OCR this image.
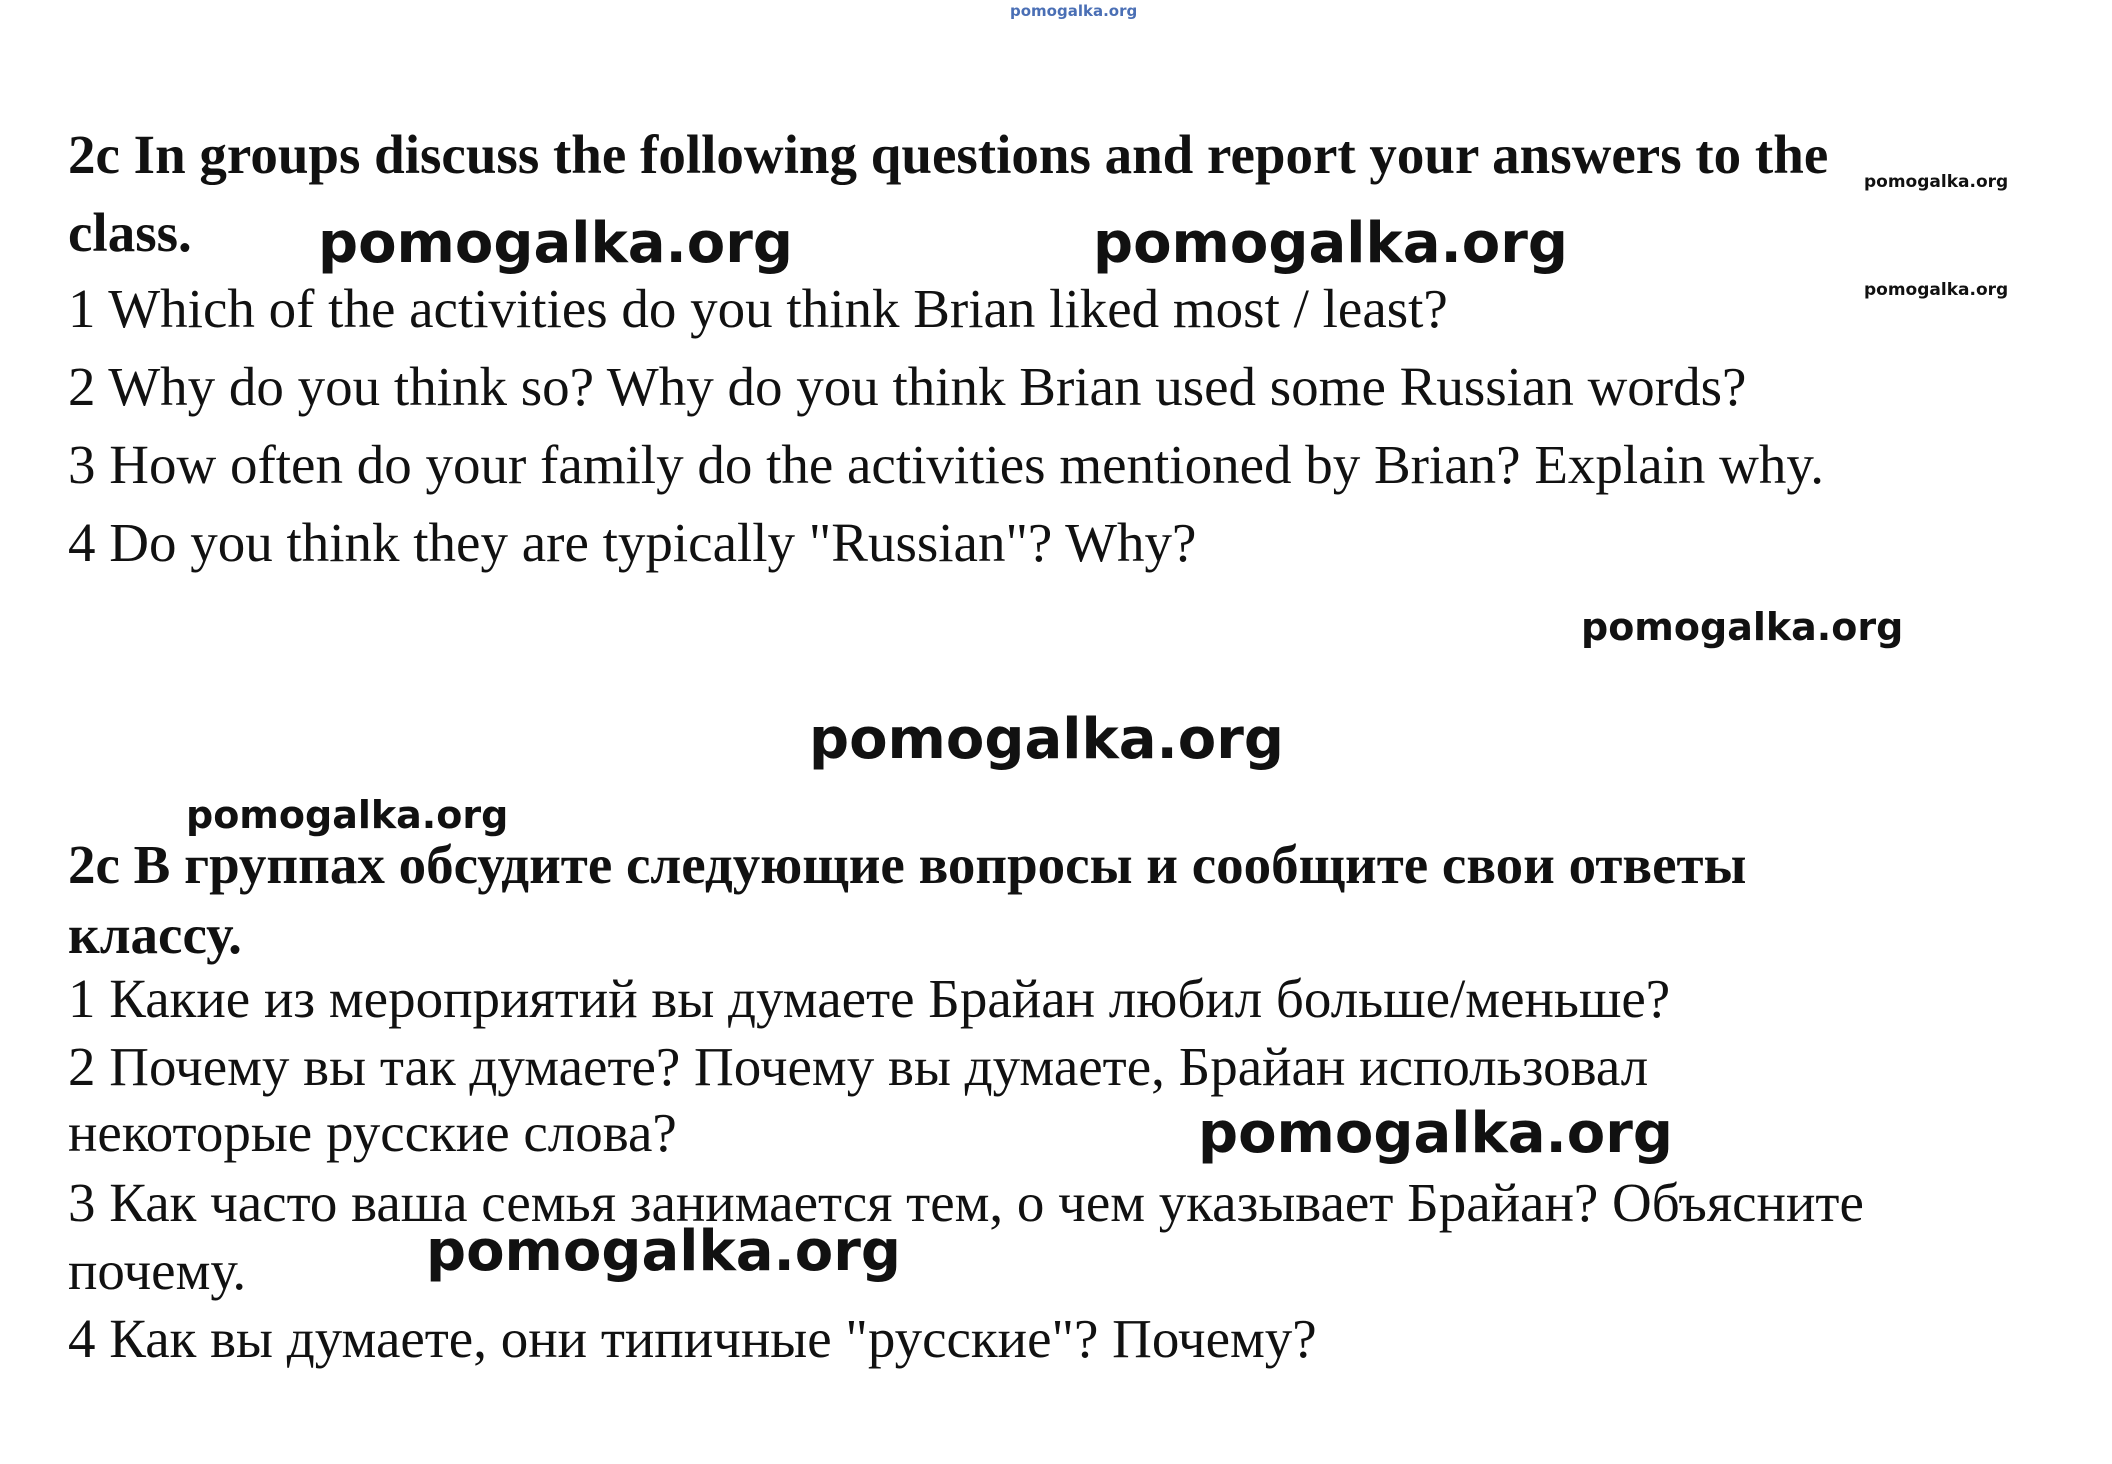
pomogalka.org
2c In groups discuss the following questions and report your answers to the
class.
1 Which of the activities do you think Brian liked most / least?
2 Why do you think so? Why do you think Brian used some Russian words?
3 How often do your family do the activities mentioned by Brian? Explain why.
4 Do you think they are typically "Russian"? Why?
2c В группах обсудите следующие вопросы и сообщите свои ответы
классу.
1 Какие из мероприятий вы думаете Брайан любил больше/меньше?
2 Почему вы так думаете? Почему вы думаете, Брайан использовал
некоторые русские слова?
3 Как часто ваша семья занимается тем, о чем указывает Брайан? Объясните
почему.
4 Как вы думаете, они типичные "русские"? Почему?
pomogalka.org
pomogalka.org
pomogalka.org	pomogalka.org
pomogalka.org
pomogalka.org
pomogalka.org
pomogalka.org
pomogalka.org
